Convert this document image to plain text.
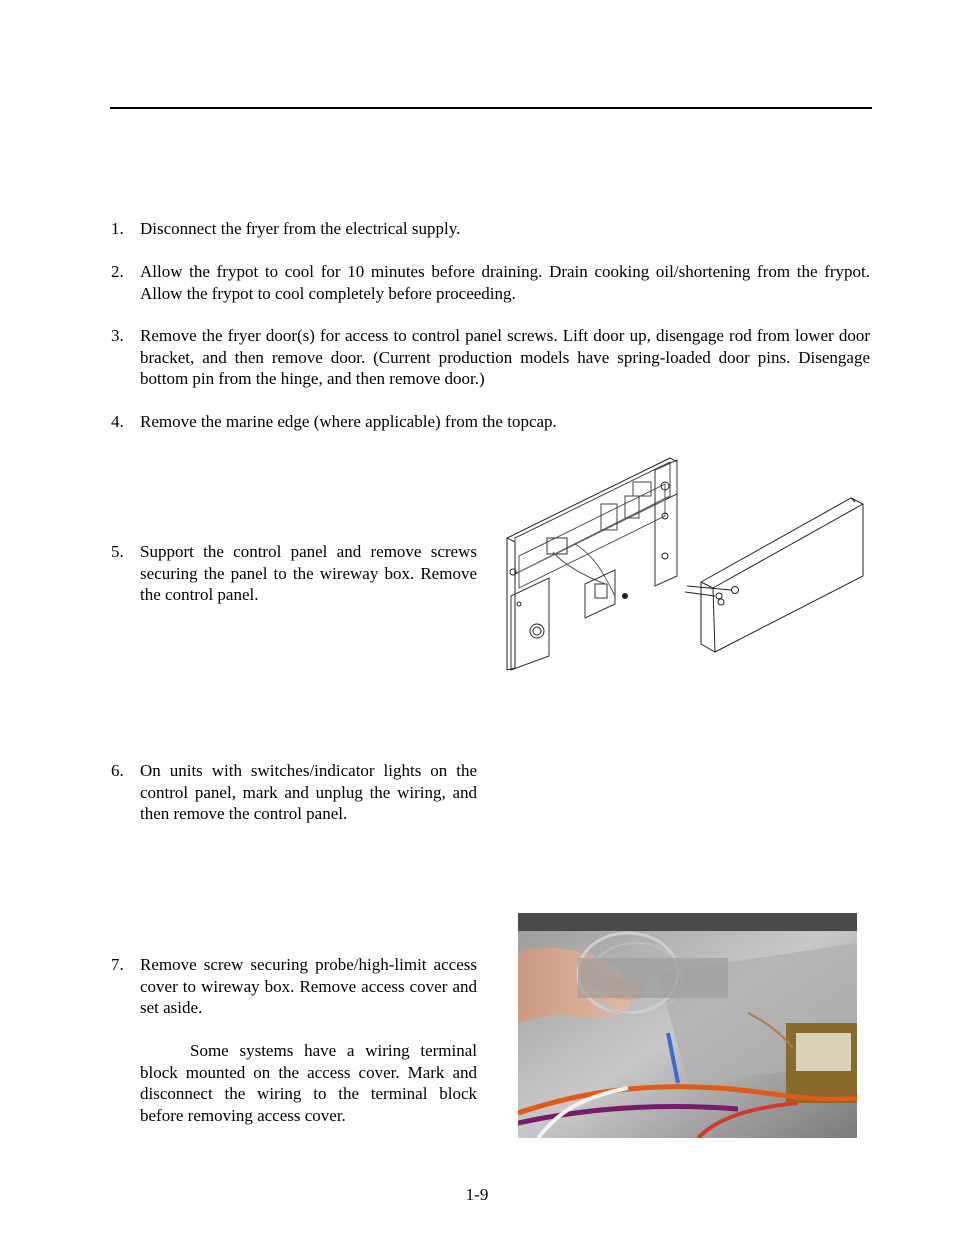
1. Disconnect the fryer from the electrical supply.
2. Allow the frypot to cool for 10 minutes before draining. Drain cooking oil/shortening from the frypot. Allow the frypot to cool completely before proceeding.
3. Remove the fryer door(s) for access to control panel screws. Lift door up, disengage rod from lower door bracket, and then remove door. (Current production models have spring-loaded door pins. Disengage bottom pin from the hinge, and then remove door.)
4. Remove the marine edge (where applicable) from the topcap.
5. Support the control panel and remove screws securing the panel to the wireway box. Remove the control panel.
6. On units with switches/indicator lights on the control panel, mark and unplug the wiring, and then remove the control panel.
7. Remove screw securing probe/high-limit access cover to wireway box. Remove access cover and set aside.
Some systems have a wiring terminal block mounted on the access cover. Mark and disconnect the wiring to the terminal block before removing access cover.
1-9
